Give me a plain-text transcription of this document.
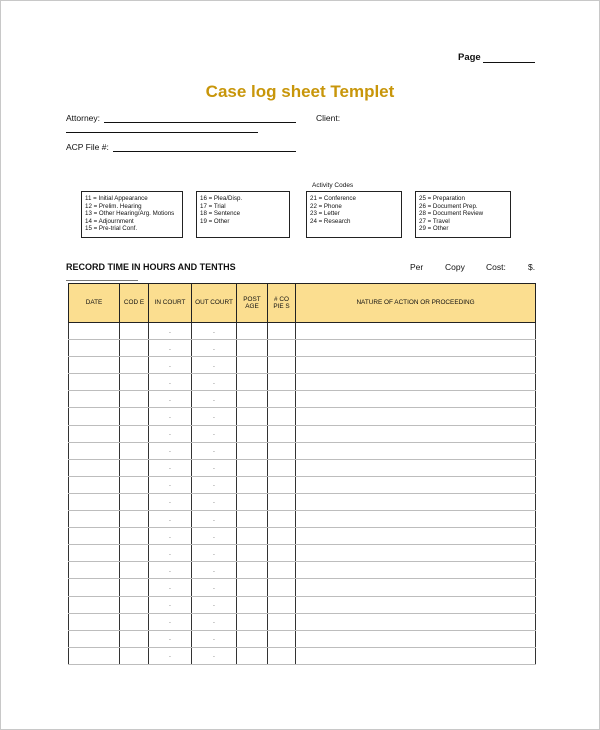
Page
Case log sheet Templet
Attorney:	Client:
ACP File #:
Activity Codes
11 = Initial Appearance
12 = Prelim. Hearing
13 = Other Hearing/Arg. Motions
14 = Adjournment
15 = Pre-trial Conf.
16 = Plea/Disp.
17 = Trial
18 = Sentence
19 = Other
21 = Conference
22 = Phone
23 = Letter
24 = Research
25 = Preparation
26 = Document Prep.
28 = Document Review
27 = Travel
29 = Other
RECORD TIME IN HOURS AND TENTHS	Per	Copy Cost:	$.
DATE	COD E	IN COURT	OUT COURT	POST AGE	# CO PIE S	NATURE OF ACTION OR PROCEEDING
		.	.			
		.	.			
		.	.			
		.	.			
		.	.			
		.	.			
		.	.			
		.	.			
		.	.			
		.	.			
		.	.			
		.	.			
		.	.			
		.	.			
		.	.			
		.	.			
		.	.			
		.	.			
		.	.			
		.	.			
